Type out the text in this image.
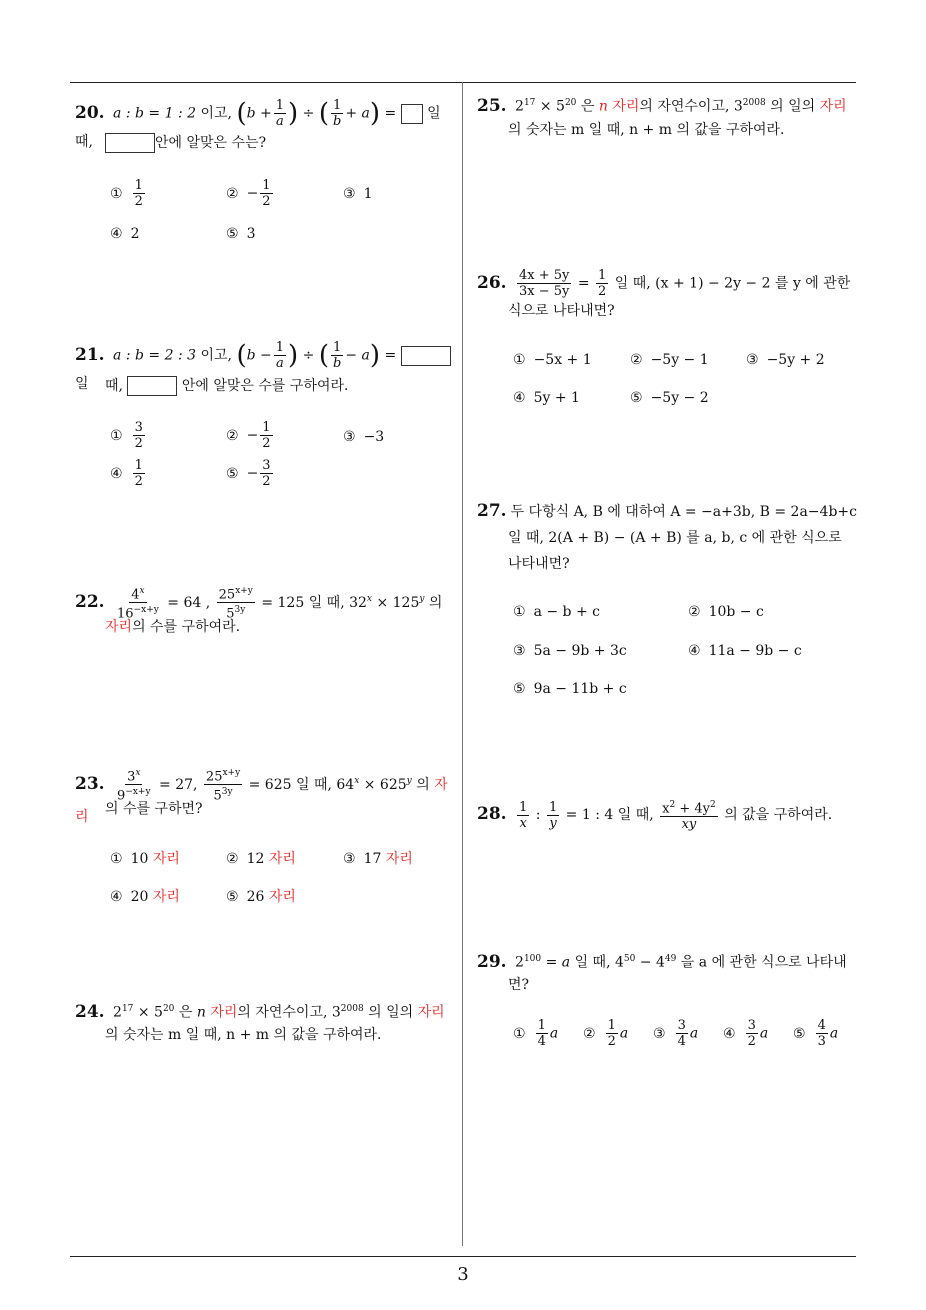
20. a : b = 1 : 2 이고, ($b + \frac{1}{a}$ ) ÷ ( $\frac{1}{b} + a$) =  일 때,	안에 알맞은 수는?
① $\frac{1}{2}$	② − $\frac{1}{2}$	③ 1
④ 2	⑤ 3
21. a : b = 2 : 3 이고, ($b - \frac{1}{a}$ ) ÷ ( $\frac{1}{b} - a$) =  일	때,	안에 알맞은 수를 구하여라.
① $\frac{3}{2}$	② − $\frac{1}{2}$	③ −3
④ $\frac{1}{2}$	⑤ − $\frac{3}{2}$
22. $\frac{4^x}{16^{-x+y}} = 64$ , $\frac{25^{x+y}}{5^{3y}} = 125$ 일 때, $32^x \times 125^y$ 의
자리의 수를 구하여라.
23. $\frac{3^x}{9^{-x+y}} = 27$, $\frac{25^{x+y}}{5^{3y}} = 625$ 일 때, $64^x \times 625^y$ 의 자리	의 수를 구하면?
① 10 자리	② 12 자리	③ 17 자리
④ 20 자리	⑤ 26 자리
24. $2^{17} \times 5^{20}$ 은 n 자리의 자연수이고, $3^{2008}$ 의 일의 자리
의 숫자는 m 일 때, n + m 의 값을 구하여라.
25. $2^{17} \times 5^{20}$ 은 n 자리의 자연수이고, $3^{2008}$ 의 일의 자리
의 숫자는 m 일 때, n + m 의 값을 구하여라.
26. $\frac{4x + 5y}{3x - 5y} = \frac{1}{2}$ 일 때, (x + 1) − 2y − 2 를 y 에 관한
식으로 나타내면?
① −5x + 1	② −5y − 1	③ −5y + 2
④ 5y + 1	⑤ −5y − 2
27. 두 다항식 A, B 에 대하여 A = −a+3b, B = 2a−4b+c
일 때, 2(A + B) − (A + B) 를 a, b, c 에 관한 식으로
나타내면?
① a − b + c	② 10b − c
③ 5a − 9b + 3c	④ 11a − 9b − c
⑤ 9a − 11b + c
28. $\frac{1}{x}$ : $\frac{1}{y} = 1$ : 4 일 때, $\frac{x^2 + 4y^2}{xy}$ 의 값을 구하여라.
29. $2^{100} = a$ 일 때, $4^{50} - 4^{49}$ 을 a 에 관한 식으로 나타내
면?
① $\frac{1}{4}$ a ② $\frac{1}{2}$ a ③ $\frac{3}{4}$ a ④ $\frac{3}{2}$ a ⑤ $\frac{4}{3}$ a
3
